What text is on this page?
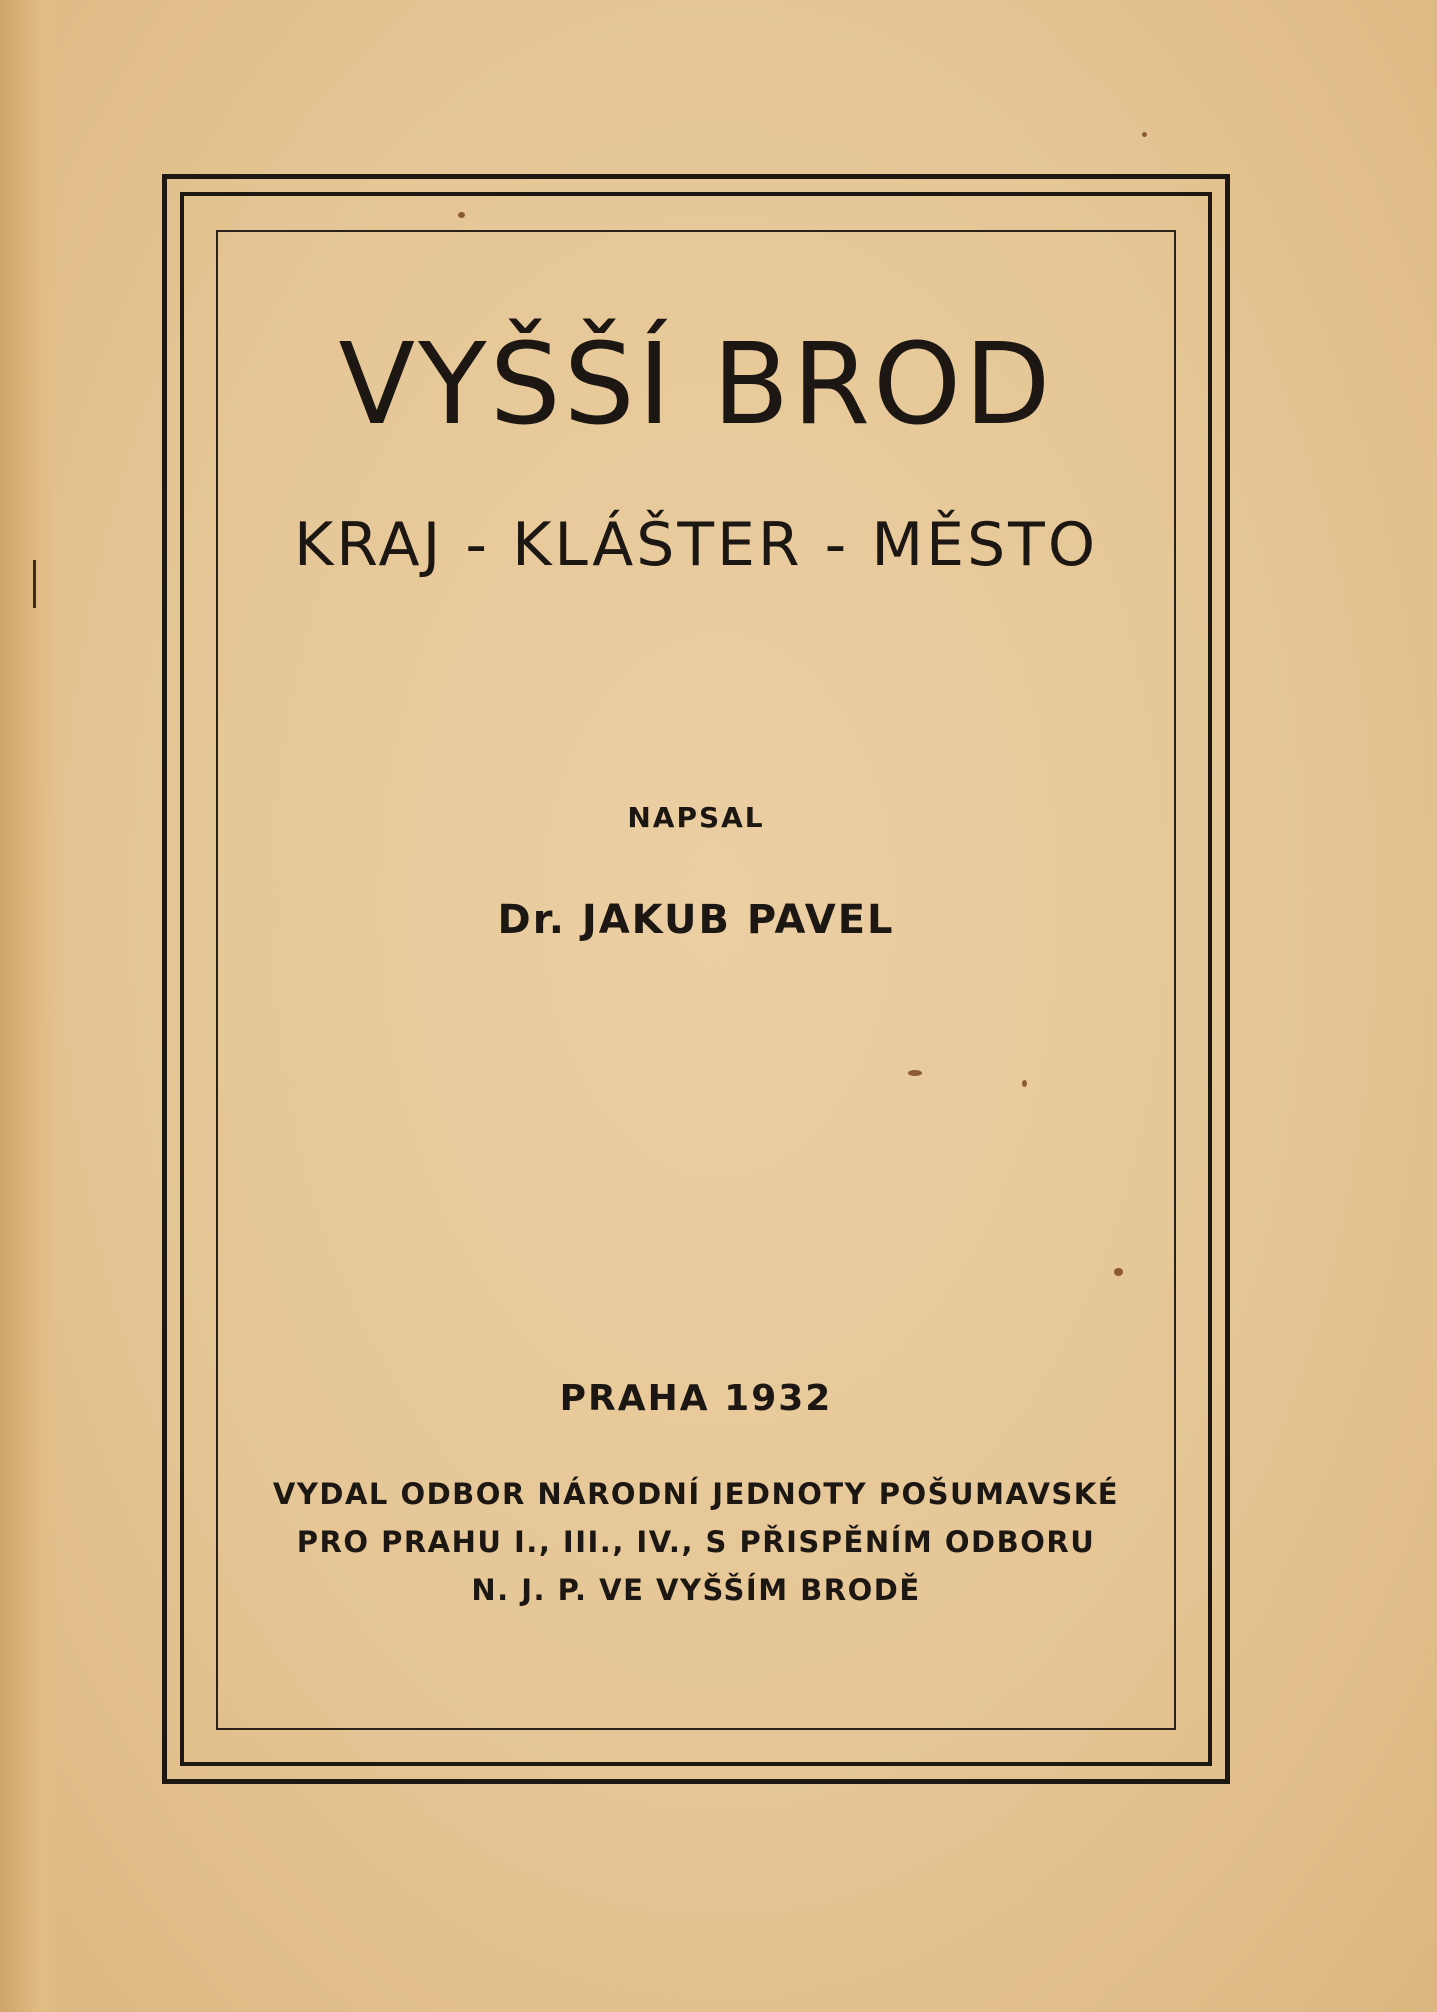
VYŠŠÍ BROD
KRAJ - KLÁŠTER - MĚSTO
NAPSAL
Dr. JAKUB PAVEL
PRAHA 1932
VYDAL ODBOR NÁRODNÍ JEDNOTY POŠUMAVSKÉ
PRO PRAHU I., III., IV., S PŘISPĚNÍM ODBORU
N. J. P. VE VYŠŠÍM BRODĚ
